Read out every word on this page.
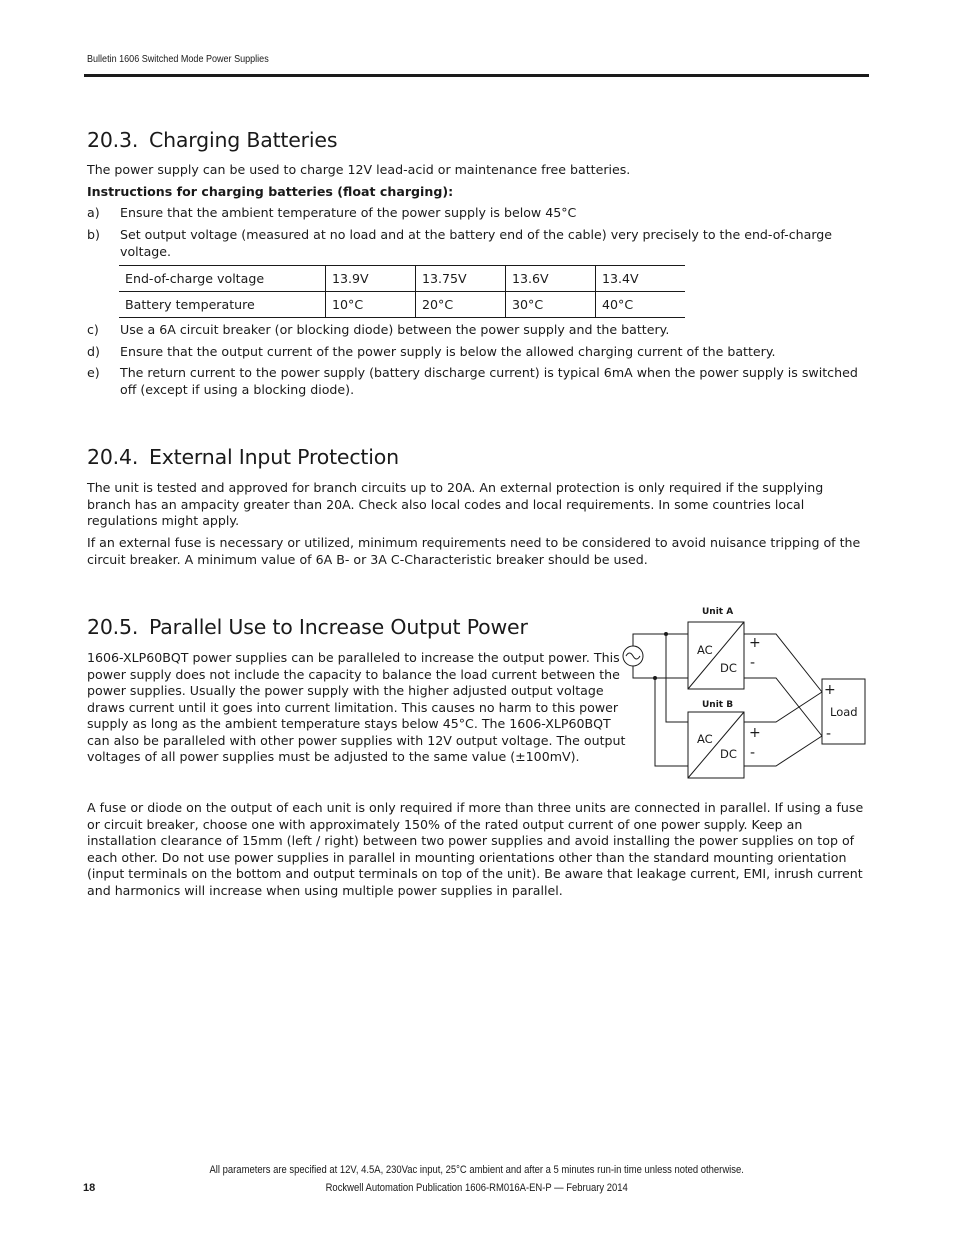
Bulletin 1606 Switched Mode Power Supplies
20.3. Charging Batteries

The power supply can be used to charge 12V lead-acid or maintenance free batteries.

Instructions for charging batteries (float charging):

a) Ensure that the ambient temperature of the power supply is below 45°C
b) Set output voltage (measured at no load and at the battery end of the cable) very precisely to the end-of-charge voltage.
End-of-charge voltage	13.9V	13.75V	13.6V	13.4V
Battery temperature	10°C	20°C	30°C	40°C
c) Use a 6A circuit breaker (or blocking diode) between the power supply and the battery.
d) Ensure that the output current of the power supply is below the allowed charging current of the battery.
e) The return current to the power supply (battery discharge current) is typical 6mA when the power supply is switched off (except if using a blocking diode).
20.4. External Input Protection

The unit is tested and approved for branch circuits up to 20A. An external protection is only required if the supplying branch has an ampacity greater than 20A. Check also local codes and local requirements. In some countries local regulations might apply.

If an external fuse is necessary or utilized, minimum requirements need to be considered to avoid nuisance tripping of the circuit breaker. A minimum value of 6A B- or 3A C-Characteristic breaker should be used.

20.5. Parallel Use to Increase Output Power

1606-XLP60BQT power supplies can be paralleled to increase the output power. This power supply does not include the capacity to balance the load current between the power supplies. Usually the power supply with the higher adjusted output voltage draws current until it goes into current limitation. This causes no harm to this power supply as long as the ambient temperature stays below 45°C. The 1606-XLP60BQT can also be paralleled with other power supplies with 12V output voltage. The output voltages of all power supplies must be adjusted to the same value (±100mV).

Unit A
AC
DC
+
-
Unit B
AC
DC
+
-
+
Load
-

A fuse or diode on the output of each unit is only required if more than three units are connected in parallel. If using a fuse or circuit breaker, choose one with approximately 150% of the rated output current of one power supply. Keep an installation clearance of 15mm (left / right) between two power supplies and avoid installing the power supplies on top of each other. Do not use power supplies in parallel in mounting orientations other than the standard mounting orientation (input terminals on the bottom and output terminals on top of the unit). Be aware that leakage current, EMI, inrush current and harmonics will increase when using multiple power supplies in parallel.

All parameters are specified at 12V, 4.5A, 230Vac input, 25°C ambient and after a 5 minutes run-in time unless noted otherwise.
18	Rockwell Automation Publication 1606-RM016A-EN-P — February 2014
